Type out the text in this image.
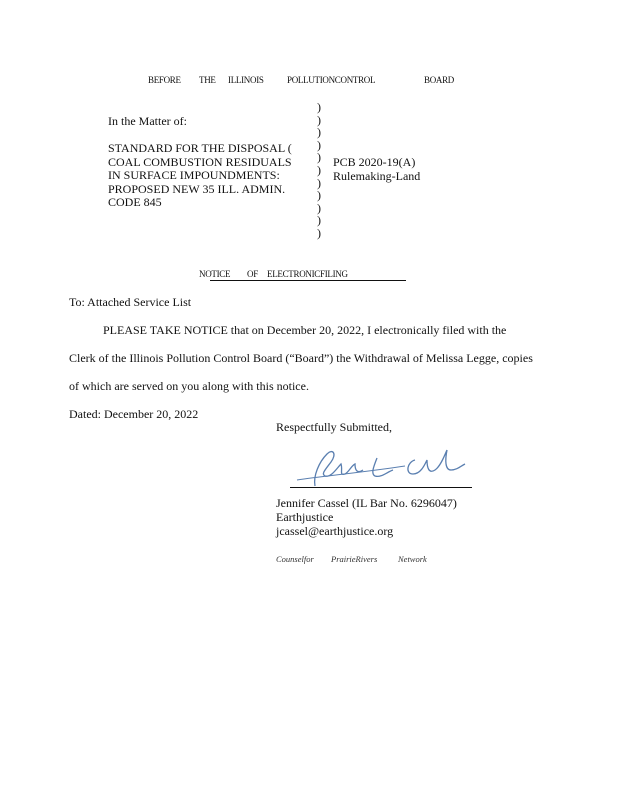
BEFORE THE ILLINOIS	POLLUTIONCONTROL	BOARD
In the Matter of:
STANDARD FOR THE DISPOSAL (
COAL COMBUSTION RESIDUALS
IN SURFACE IMPOUNDMENTS:
PROPOSED NEW 35 ILL. ADMIN.
CODE 845
)
)
)
)
)
)
)
)
)
)
)
PCB 2020-19(A)
Rulemaking-Land
NOTICE OF ELECTRONICFILING
To: Attached Service List
PLEASE TAKE NOTICE that on December 20, 2022, I electronically filed with the
Clerk of the Illinois Pollution Control Board (“Board”) the Withdrawal of Melissa Legge, copies
of which are served on you along with this notice.
Dated: December 20, 2022
Respectfully Submitted,
Jennifer Cassel (IL Bar No. 6296047)
Earthjustice
jcassel@earthjustice.org
Counselfor PrairieRivers Network
